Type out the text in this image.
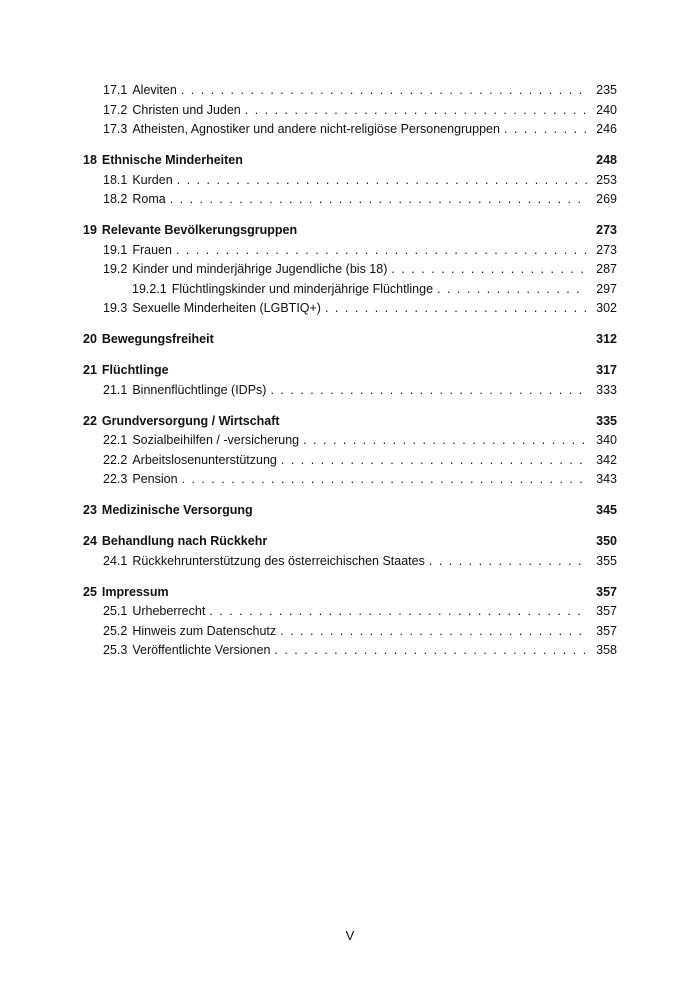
17.1 Aleviten . . .	235
17.2 Christen und Juden . . .	240
17.3 Atheisten, Agnostiker und andere nicht-religiöse Personengruppen . . .	246
18 Ethnische Minderheiten	248
18.1 Kurden . . .	253
18.2 Roma . . .	269
19 Relevante Bevölkerungsgruppen	273
19.1 Frauen . . .	273
19.2 Kinder und minderjährige Jugendliche (bis 18) . . .	287
19.2.1 Flüchtlingskinder und minderjährige Flüchtlinge . . .	297
19.3 Sexuelle Minderheiten (LGBTIQ+) . . .	302
20 Bewegungsfreiheit	312
21 Flüchtlinge	317
21.1 Binnenflüchtlinge (IDPs) . . .	333
22 Grundversorgung / Wirtschaft	335
22.1 Sozialbeihilfen / -versicherung . . .	340
22.2 Arbeitslosenunterstützung . . .	342
22.3 Pension . . .	343
23 Medizinische Versorgung	345
24 Behandlung nach Rückkehr	350
24.1 Rückkehrunterstützung des österreichischen Staates . . .	355
25 Impressum	357
25.1 Urheberrecht . . .	357
25.2 Hinweis zum Datenschutz . . .	357
25.3 Veröffentlichte Versionen . . .	358
V
